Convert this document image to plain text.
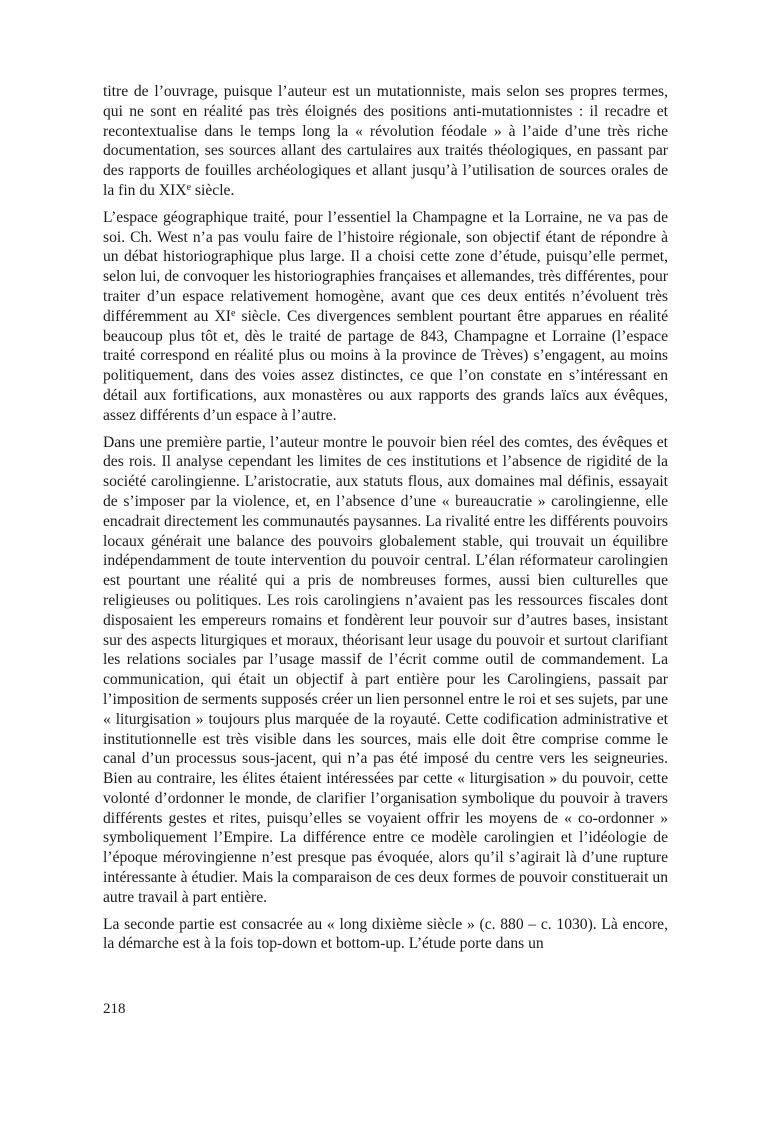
titre de l’ouvrage, puisque l’auteur est un mutationniste, mais selon ses propres termes, qui ne sont en réalité pas très éloignés des positions anti-mutationnistes : il recadre et recontextualise dans le temps long la « révolution féodale » à l’aide d’une très riche documentation, ses sources allant des cartulaires aux traités théologiques, en passant par des rapports de fouilles archéologiques et allant jusqu’à l’utilisation de sources orales de la fin du XIXe siècle.

L’espace géographique traité, pour l’essentiel la Champagne et la Lorraine, ne va pas de soi. Ch. West n’a pas voulu faire de l’histoire régionale, son objectif étant de répondre à un débat historiographique plus large. Il a choisi cette zone d’étude, puisqu’elle permet, selon lui, de convoquer les historiographies françaises et allemandes, très différentes, pour traiter d’un espace relativement homogène, avant que ces deux entités n’évoluent très différemment au XIe siècle. Ces divergences semblent pourtant être apparues en réalité beaucoup plus tôt et, dès le traité de partage de 843, Champagne et Lorraine (l’espace traité correspond en réalité plus ou moins à la province de Trèves) s’engagent, au moins politiquement, dans des voies assez distinctes, ce que l’on constate en s’intéressant en détail aux fortifications, aux monastères ou aux rapports des grands laïcs aux évêques, assez différents d’un espace à l’autre.

Dans une première partie, l’auteur montre le pouvoir bien réel des comtes, des évêques et des rois. Il analyse cependant les limites de ces institutions et l’absence de rigidité de la société carolingienne. L’aristocratie, aux statuts flous, aux domaines mal définis, essayait de s’imposer par la violence, et, en l’absence d’une « bureaucratie » carolingienne, elle encadrait directement les communautés paysannes. La rivalité entre les différents pouvoirs locaux générait une balance des pouvoirs globalement stable, qui trouvait un équilibre indépendamment de toute intervention du pouvoir central. L’élan réformateur carolingien est pourtant une réalité qui a pris de nombreuses formes, aussi bien culturelles que religieuses ou politiques. Les rois carolingiens n’avaient pas les ressources fiscales dont disposaient les empereurs romains et fondèrent leur pouvoir sur d’autres bases, insistant sur des aspects liturgiques et moraux, théorisant leur usage du pouvoir et surtout clarifiant les relations sociales par l’usage massif de l’écrit comme outil de commandement. La communication, qui était un objectif à part entière pour les Carolingiens, passait par l’imposition de serments supposés créer un lien personnel entre le roi et ses sujets, par une « liturgisation » toujours plus marquée de la royauté. Cette codification administrative et institutionnelle est très visible dans les sources, mais elle doit être comprise comme le canal d’un processus sous-jacent, qui n’a pas été imposé du centre vers les seigneuries. Bien au contraire, les élites étaient intéressées par cette « liturgisation » du pouvoir, cette volonté d’ordonner le monde, de clarifier l’organisation symbolique du pouvoir à travers différents gestes et rites, puisqu’elles se voyaient offrir les moyens de « co-ordonner » symboliquement l’Empire. La différence entre ce modèle carolingien et l’idéologie de l’époque mérovingienne n’est presque pas évoquée, alors qu’il s’agirait là d’une rupture intéressante à étudier. Mais la comparaison de ces deux formes de pouvoir constituerait un autre travail à part entière.

La seconde partie est consacrée au « long dixième siècle » (c. 880 – c. 1030). Là encore, la démarche est à la fois top-down et bottom-up. L’étude porte dans un

218
